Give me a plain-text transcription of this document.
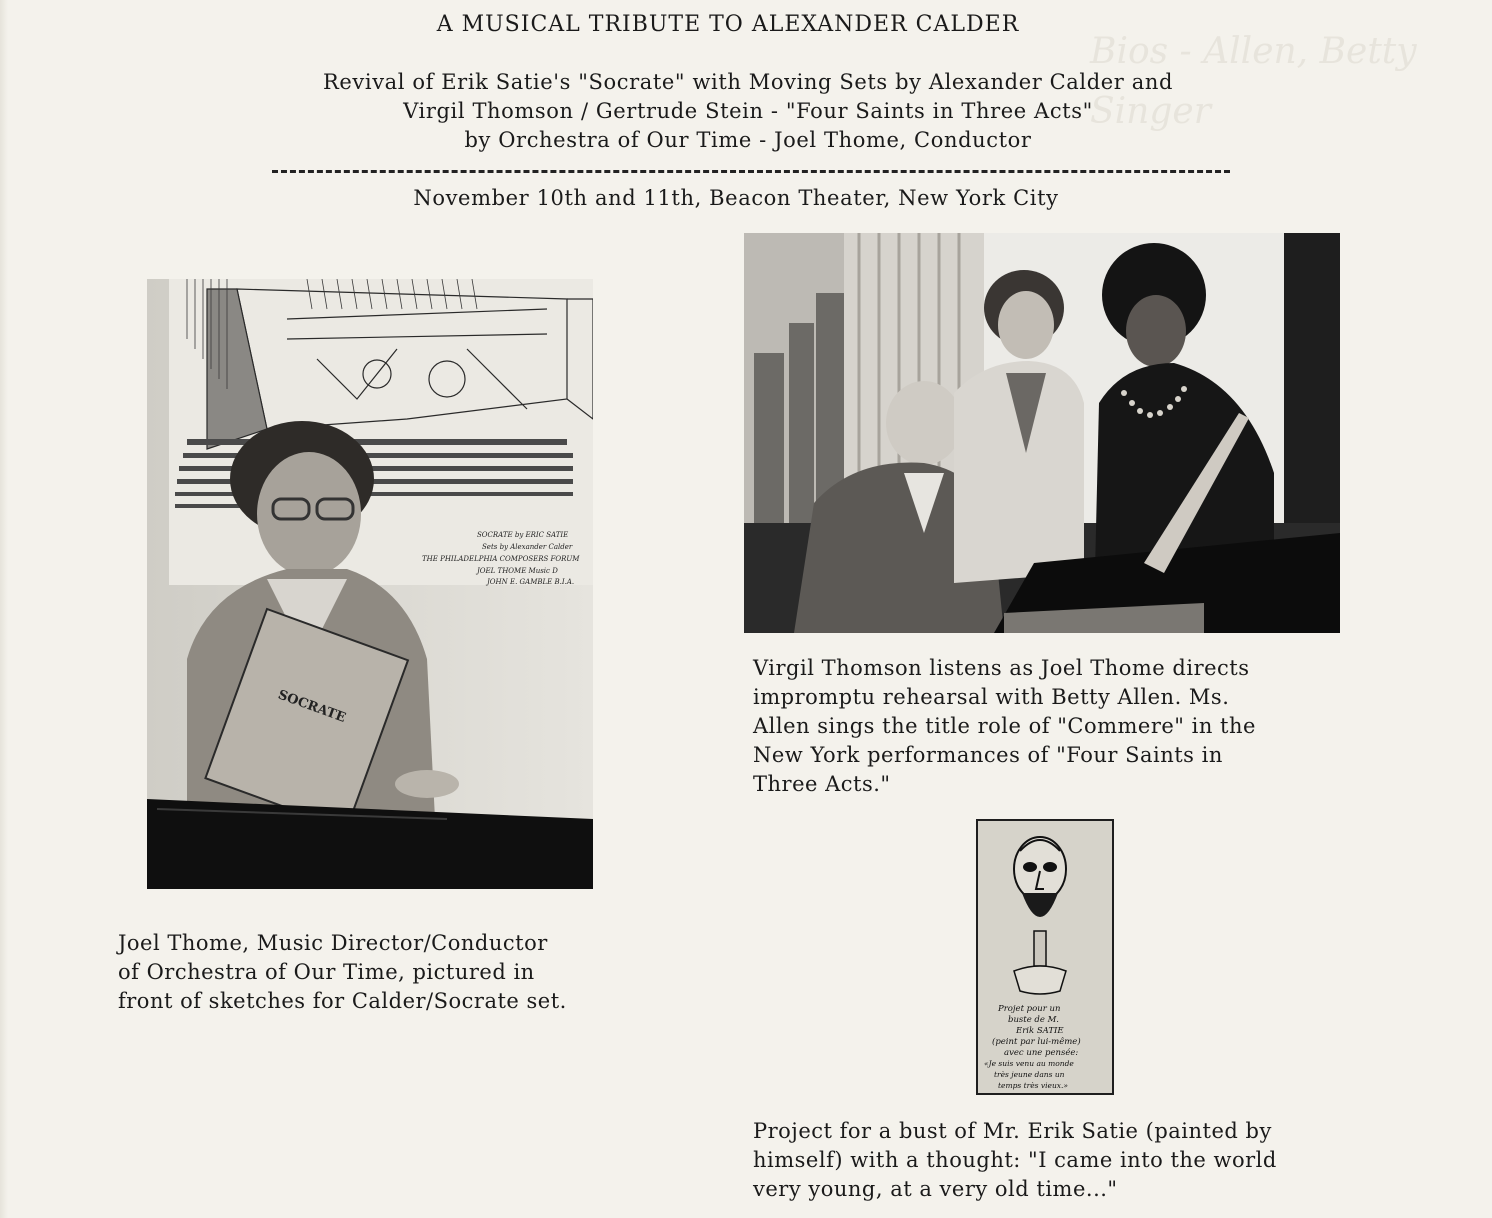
Bios - Allen, Betty Singer
A MUSICAL TRIBUTE TO ALEXANDER CALDER
Revival of Erik Satie's "Socrate" with Moving Sets by Alexander Calder and
Virgil Thomson / Gertrude Stein - "Four Saints in Three Acts"
by Orchestra of Our Time - Joel Thome, Conductor
November 10th and 11th, Beacon Theater, New York City
SOCRATE by ERIC SATIE
Sets by Alexander Calder
THE PHILADELPHIA COMPOSERS FORUM
JOEL THOME Music D
JOHN E. GAMBLE B.I.A.
SOCRATE
Projet pour un
buste de M.
Erik SATIE
(peint par lui-même)
avec une pensée:
«Je suis venu au monde
très jeune dans un
temps très vieux.»
Joel Thome, Music Director/Conductor
of Orchestra of Our Time, pictured in
front of sketches for Calder/Socrate set.
Virgil Thomson listens as Joel Thome directs
impromptu rehearsal with Betty Allen. Ms.
Allen sings the title role of "Commere" in the
New York performances of "Four Saints in
Three Acts."
Project for a bust of Mr. Erik Satie (painted by
himself) with a thought: "I came into the world
very young, at a very old time..."
